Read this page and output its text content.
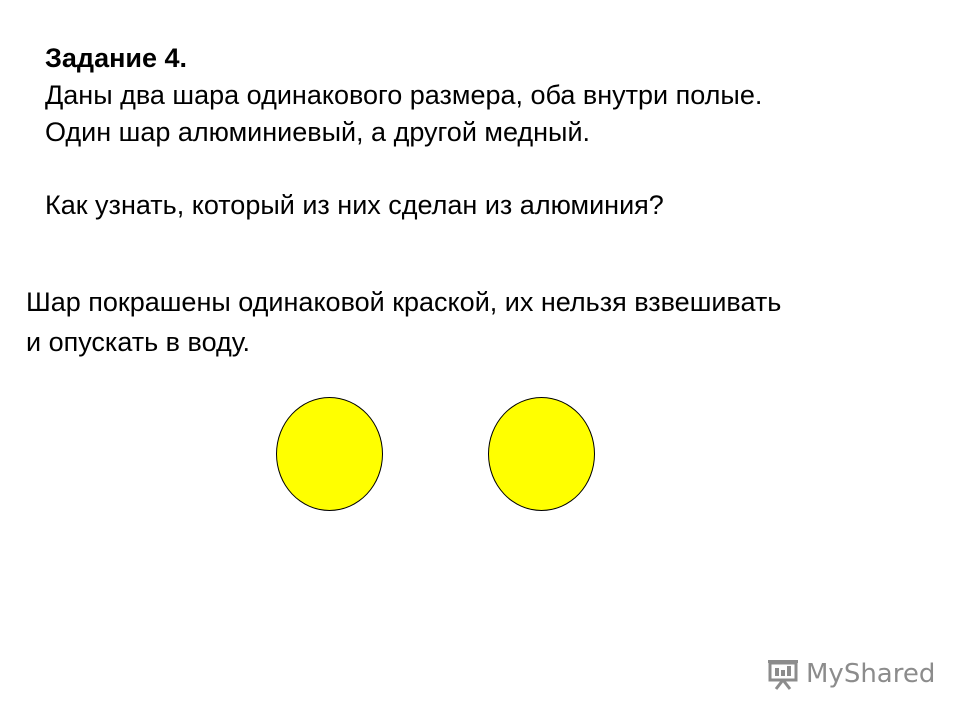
Задание 4.
Даны два шара одинакового размера, оба внутри полые.
Один шар алюминиевый, а другой медный.
Как узнать, который из них сделан из алюминия?
Шар покрашены одинаковой краской, их нельзя взвешивать
и опускать в воду.
MyShared
